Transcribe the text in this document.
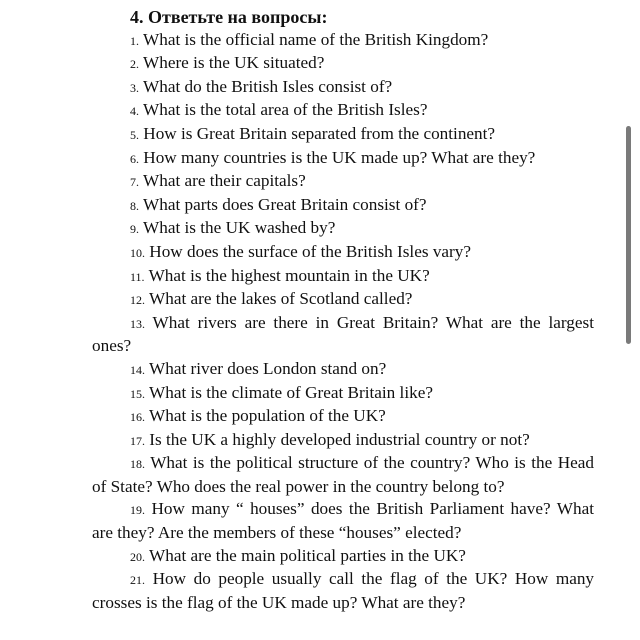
4. Ответьте на вопросы:
1. What is the official name of the British Kingdom?
2. Where is the UK situated?
3. What do the British Isles consist of?
4. What is the total area of the British Isles?
5. How is Great Britain separated from the continent?
6. How many countries is the UK made up? What are they?
7. What are their capitals?
8. What parts does Great Britain consist of?
9. What is the UK washed by?
10. How does the surface of the British Isles vary?
11. What is the highest mountain in the UK?
12. What are the lakes of Scotland called?
13. What rivers are there in Great Britain? What are the largest ones?
14. What river does London stand on?
15. What is the climate of Great Britain like?
16. What is the population of the UK?
17. Is the UK a highly developed industrial country or not?
18. What is the political structure of the country? Who is the Head of State? Who does the real power in the country belong to?
19. How many “ houses” does the British Parliament have? What are they? Are the members of these “houses” elected?
20. What are the main political parties in the UK?
21. How do people usually call the flag of the UK? How many crosses is the flag of the UK made up? What are they?
